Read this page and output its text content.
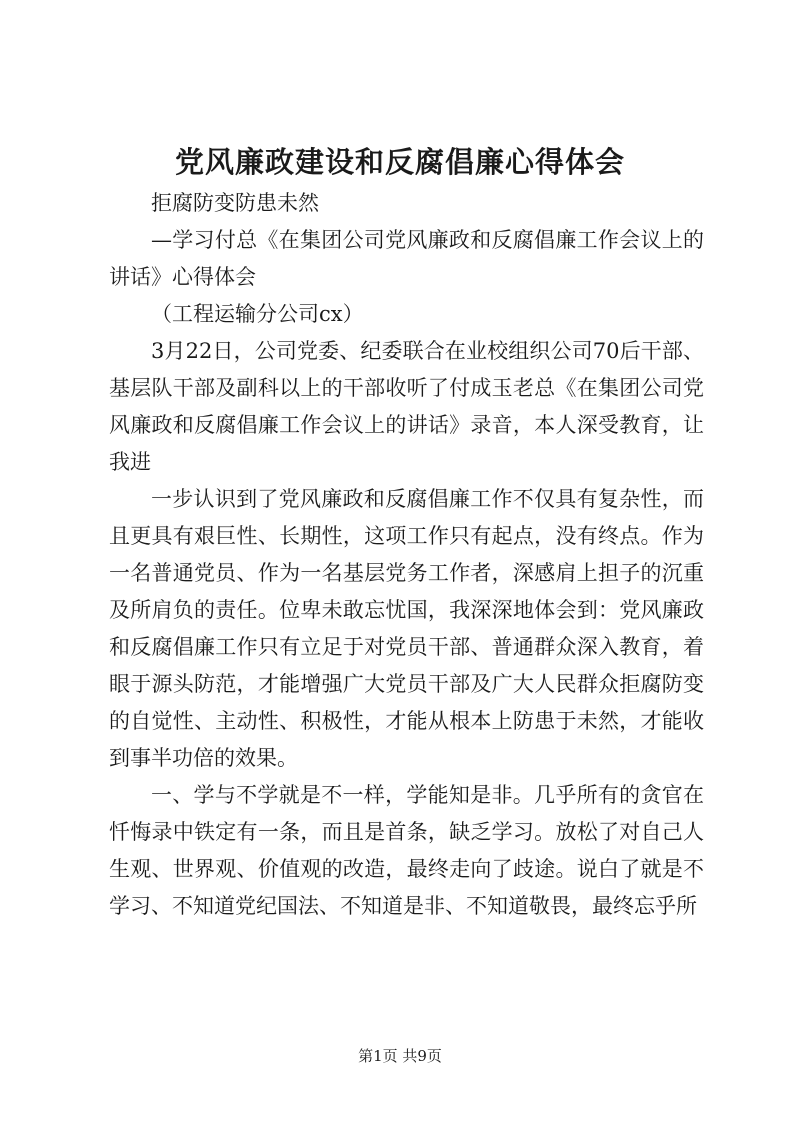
党风廉政建设和反腐倡廉心得体会

拒腐防变防患未然

—学习付总《在集团公司党风廉政和反腐倡廉工作会议上的讲话》心得体会

（工程运输分公司cx）

3月22日，公司党委、纪委联合在业校组织公司70后干部、基层队干部及副科以上的干部收听了付成玉老总《在集团公司党风廉政和反腐倡廉工作会议上的讲话》录音，本人深受教育，让我进

一步认识到了党风廉政和反腐倡廉工作不仅具有复杂性，而且更具有艰巨性、长期性，这项工作只有起点，没有终点。作为一名普通党员、作为一名基层党务工作者，深感肩上担子的沉重及所肩负的责任。位卑未敢忘忧国，我深深地体会到：党风廉政和反腐倡廉工作只有立足于对党员干部、普通群众深入教育，着眼于源头防范，才能增强广大党员干部及广大人民群众拒腐防变的自觉性、主动性、积极性，才能从根本上防患于未然，才能收到事半功倍的效果。

一、学与不学就是不一样，学能知是非。几乎所有的贪官在忏悔录中铁定有一条，而且是首条，缺乏学习。放松了对自己人生观、世界观、价值观的改造，最终走向了歧途。说白了就是不学习、不知道党纪国法、不知道是非、不知道敬畏，最终忘乎所

第1页 共9页
